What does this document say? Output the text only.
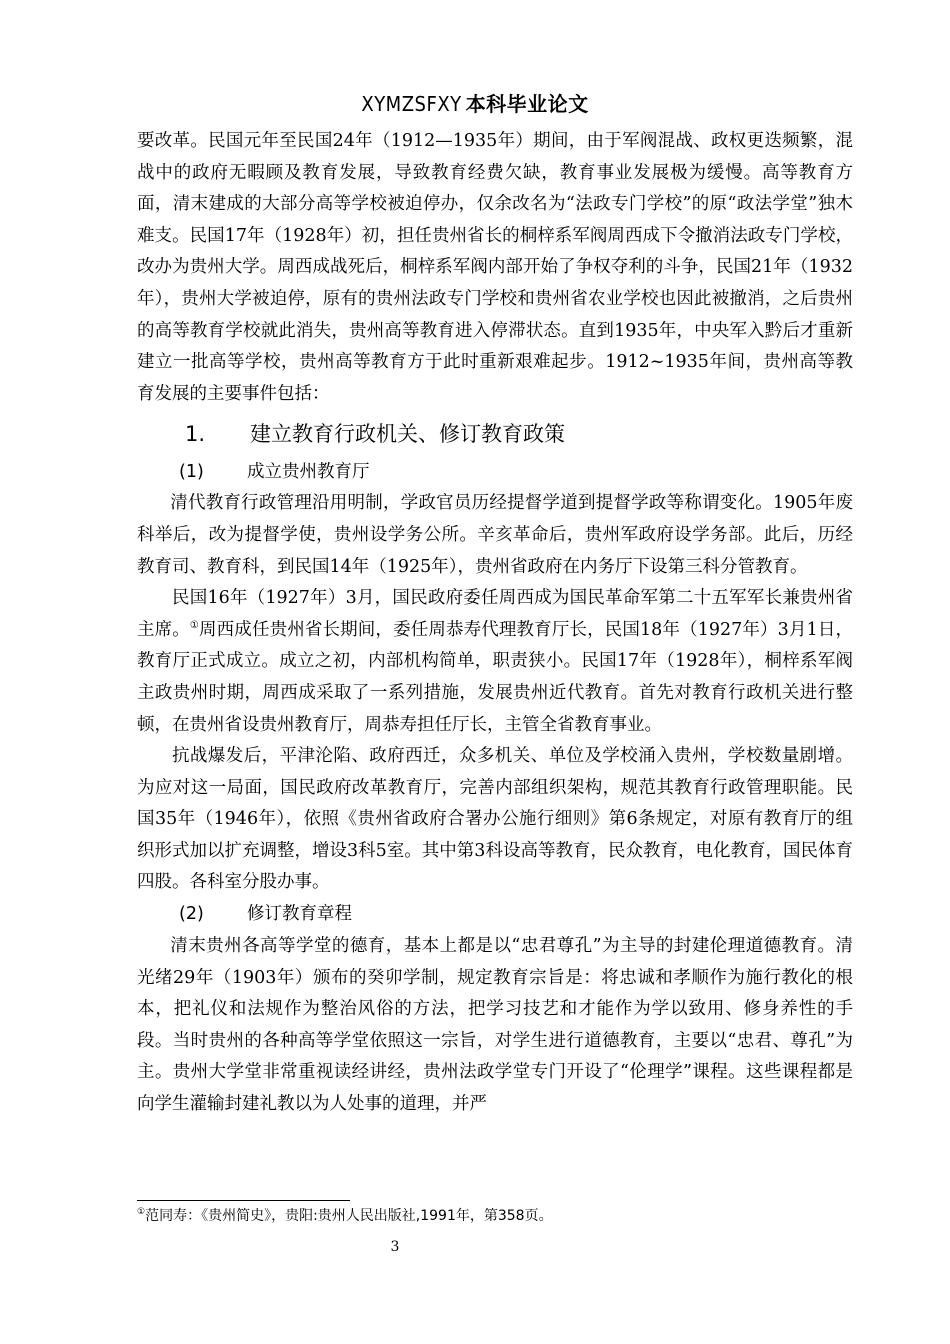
XYMZSFXY 本科毕业论文

要改革。民国元年至民国24年（1912—1935年）期间，由于军阀混战、政权更迭频繁，混战中的政府无暇顾及教育发展，导致教育经费欠缺，教育事业发展极为缓慢。高等教育方面，清末建成的大部分高等学校被迫停办，仅余改名为“法政专门学校”的原“政法学堂”独木难支。民国17年（1928年）初，担任贵州省长的桐梓系军阀周西成下令撤消法政专门学校，改办为贵州大学。周西成战死后，桐梓系军阀内部开始了争权夺利的斗争，民国21年（1932年），贵州大学被迫停，原有的贵州法政专门学校和贵州省农业学校也因此被撤消，之后贵州的高等教育学校就此消失，贵州高等教育进入停滞状态。直到1935年，中央军入黔后才重新建立一批高等学校，贵州高等教育方于此时重新艰难起步。1912~1935年间，贵州高等教育发展的主要事件包括：

1.	建立教育行政机关、修订教育政策
(1)	成立贵州教育厅

清代教育行政管理沿用明制，学政官员历经提督学道到提督学政等称谓变化。1905年废科举后，改为提督学使，贵州设学务公所。辛亥革命后，贵州军政府设学务部。此后，历经教育司、教育科，到民国14年（1925年），贵州省政府在内务厅下设第三科分管教育。

民国16年（1927年）3月，国民政府委任周西成为国民革命军第二十五军军长兼贵州省主席。①周西成任贵州省长期间，委任周恭寿代理教育厅长，民国18年（1927年）3月1日，教育厅正式成立。成立之初，内部机构简单，职责狭小。民国17年（1928年），桐梓系军阀主政贵州时期，周西成采取了一系列措施，发展贵州近代教育。首先对教育行政机关进行整顿，在贵州省设贵州教育厅，周恭寿担任厅长，主管全省教育事业。

抗战爆发后，平津沦陷、政府西迁，众多机关、单位及学校涌入贵州，学校数量剧增。为应对这一局面，国民政府改革教育厅，完善内部组织架构，规范其教育行政管理职能。民国35年（1946年），依照《贵州省政府合署办公施行细则》第6条规定，对原有教育厅的组织形式加以扩充调整，增设3科5室。其中第3科设高等教育，民众教育，电化教育，国民体育四股。各科室分股办事。

(2)	修订教育章程

清末贵州各高等学堂的德育，基本上都是以“忠君尊孔”为主导的封建伦理道德教育。清光绪29年（1903年）颁布的癸卯学制，规定教育宗旨是：将忠诚和孝顺作为施行教化的根本，把礼仪和法规作为整治风俗的方法，把学习技艺和才能作为学以致用、修身养性的手段。当时贵州的各种高等学堂依照这一宗旨，对学生进行道德教育，主要以“忠君、尊孔”为主。贵州大学堂非常重视读经讲经，贵州法政学堂专门开设了“伦理学”课程。这些课程都是向学生灌输封建礼教以为人处事的道理，并严

①范同寿：《贵州简史》，贵阳:贵州人民出版社,1991年，第358页。
3
